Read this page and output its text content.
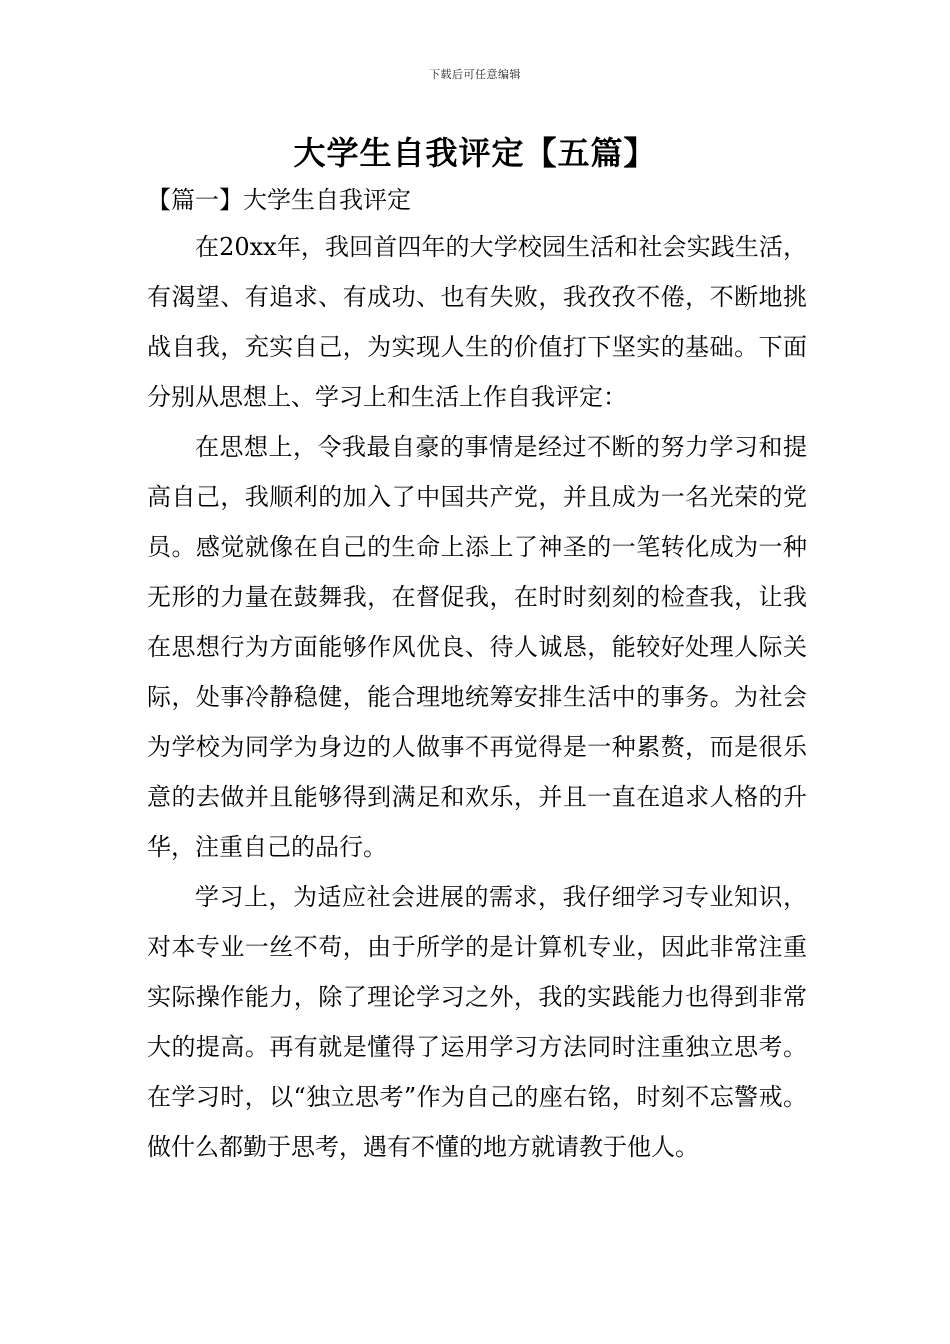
下载后可任意编辑
大学生自我评定【五篇】
【篇一】大学生自我评定

在20xx年，我回首四年的大学校园生活和社会实践生活，有渴望、有追求、有成功、也有失败，我孜孜不倦，不断地挑战自我，充实自己，为实现人生的价值打下坚实的基础。下面分别从思想上、学习上和生活上作自我评定：

在思想上，令我最自豪的事情是经过不断的努力学习和提高自己，我顺利的加入了中国共产党，并且成为一名光荣的党员。感觉就像在自己的生命上添上了神圣的一笔转化成为一种无形的力量在鼓舞我，在督促我，在时时刻刻的检查我，让我在思想行为方面能够作风优良、待人诚恳，能较好处理人际关际，处事冷静稳健，能合理地统筹安排生活中的事务。为社会为学校为同学为身边的人做事不再觉得是一种累赘，而是很乐意的去做并且能够得到满足和欢乐，并且一直在追求人格的升华，注重自己的品行。

学习上，为适应社会进展的需求，我仔细学习专业知识，对本专业一丝不苟，由于所学的是计算机专业，因此非常注重实际操作能力，除了理论学习之外，我的实践能力也得到非常大的提高。再有就是懂得了运用学习方法同时注重独立思考。在学习时，以“独立思考”作为自己的座右铭，时刻不忘警戒。做什么都勤于思考，遇有不懂的地方就请教于他人。
